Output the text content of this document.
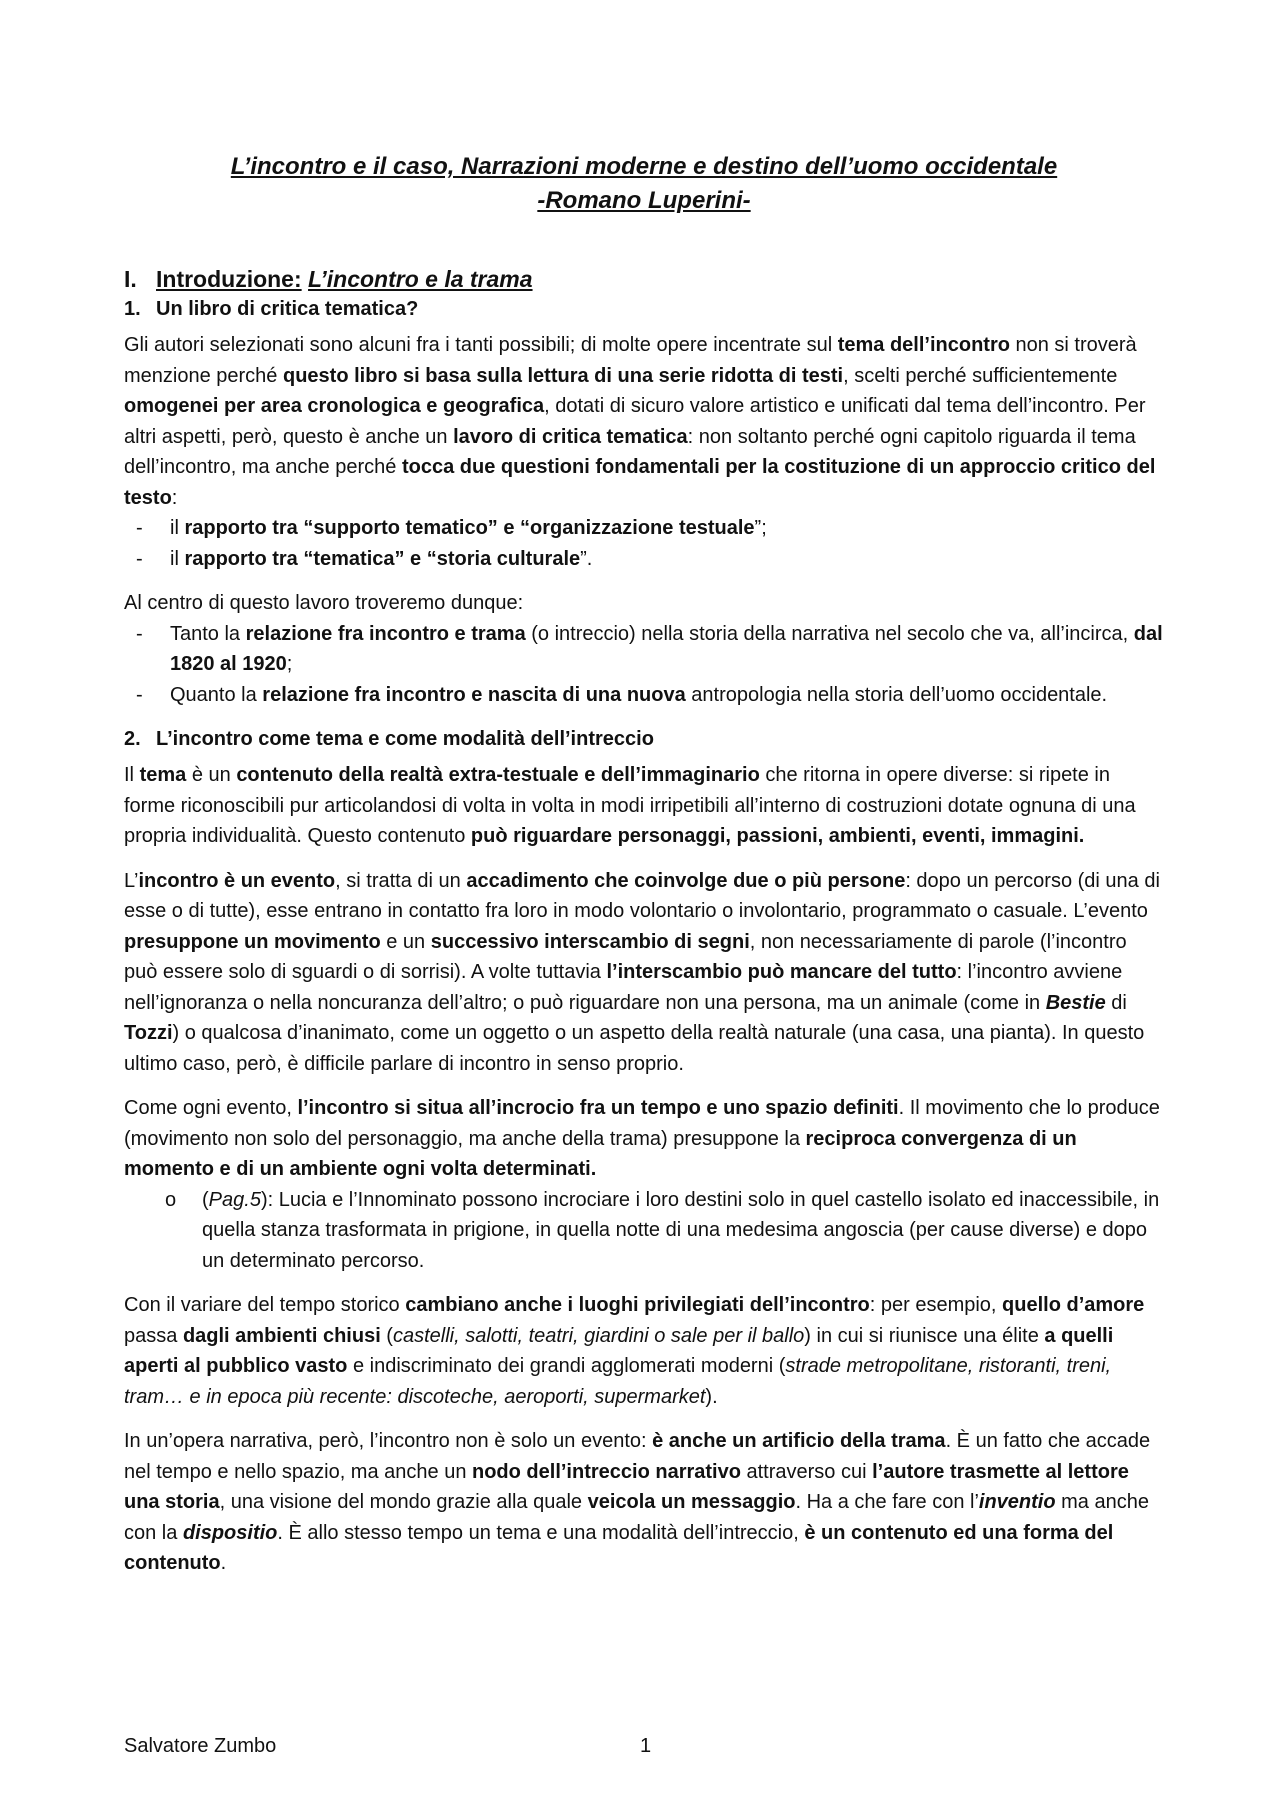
L’incontro e il caso, Narrazioni moderne e destino dell’uomo occidentale
-Romano Luperini-
I. Introduzione: L’incontro e la trama
1. Un libro di critica tematica?

Gli autori selezionati sono alcuni fra i tanti possibili; di molte opere incentrate sul tema dell’incontro non si troverà menzione perché questo libro si basa sulla lettura di una serie ridotta di testi, scelti perché sufficientemente omogenei per area cronologica e geografica, dotati di sicuro valore artistico e unificati dal tema dell’incontro. Per altri aspetti, però, questo è anche un lavoro di critica tematica: non soltanto perché ogni capitolo riguarda il tema dell’incontro, ma anche perché tocca due questioni fondamentali per la costituzione di un approccio critico del testo:

- il rapporto tra “supporto tematico” e “organizzazione testuale”;
- il rapporto tra “tematica” e “storia culturale”.

Al centro di questo lavoro troveremo dunque:

- Tanto la relazione fra incontro e trama (o intreccio) nella storia della narrativa nel secolo che va, all’incirca, dal 1820 al 1920;
- Quanto la relazione fra incontro e nascita di una nuova antropologia nella storia dell’uomo occidentale.
2. L’incontro come tema e come modalità dell’intreccio

Il tema è un contenuto della realtà extra-testuale e dell’immaginario che ritorna in opere diverse: si ripete in forme riconoscibili pur articolandosi di volta in volta in modi irripetibili all’interno di costruzioni dotate ognuna di una propria individualità. Questo contenuto può riguardare personaggi, passioni, ambienti, eventi, immagini.

L’incontro è un evento, si tratta di un accadimento che coinvolge due o più persone: dopo un percorso (di una di esse o di tutte), esse entrano in contatto fra loro in modo volontario o involontario, programmato o casuale. L’evento presuppone un movimento e un successivo interscambio di segni, non necessariamente di parole (l’incontro può essere solo di sguardi o di sorrisi). A volte tuttavia l’interscambio può mancare del tutto: l’incontro avviene nell’ignoranza o nella noncuranza dell’altro; o può riguardare non una persona, ma un animale (come in Bestie di Tozzi) o qualcosa d’inanimato, come un oggetto o un aspetto della realtà naturale (una casa, una pianta). In questo ultimo caso, però, è difficile parlare di incontro in senso proprio.

Come ogni evento, l’incontro si situa all’incrocio fra un tempo e uno spazio definiti. Il movimento che lo produce (movimento non solo del personaggio, ma anche della trama) presuppone la reciproca convergenza di un momento e di un ambiente ogni volta determinati.

o (Pag.5): Lucia e l’Innominato possono incrociare i loro destini solo in quel castello isolato ed inaccessibile, in quella stanza trasformata in prigione, in quella notte di una medesima angoscia (per cause diverse) e dopo un determinato percorso.

Con il variare del tempo storico cambiano anche i luoghi privilegiati dell’incontro: per esempio, quello d’amore passa dagli ambienti chiusi (castelli, salotti, teatri, giardini o sale per il ballo) in cui si riunisce una élite a quelli aperti al pubblico vasto e indiscriminato dei grandi agglomerati moderni (strade metropolitane, ristoranti, treni, tram… e in epoca più recente: discoteche, aeroporti, supermarket).

In un’opera narrativa, però, l’incontro non è solo un evento: è anche un artificio della trama. È un fatto che accade nel tempo e nello spazio, ma anche un nodo dell’intreccio narrativo attraverso cui l’autore trasmette al lettore una storia, una visione del mondo grazie alla quale veicola un messaggio. Ha a che fare con l’inventio ma anche con la dispositio. È allo stesso tempo un tema e una modalità dell’intreccio, è un contenuto ed una forma del contenuto.

Salvatore Zumbo	1
